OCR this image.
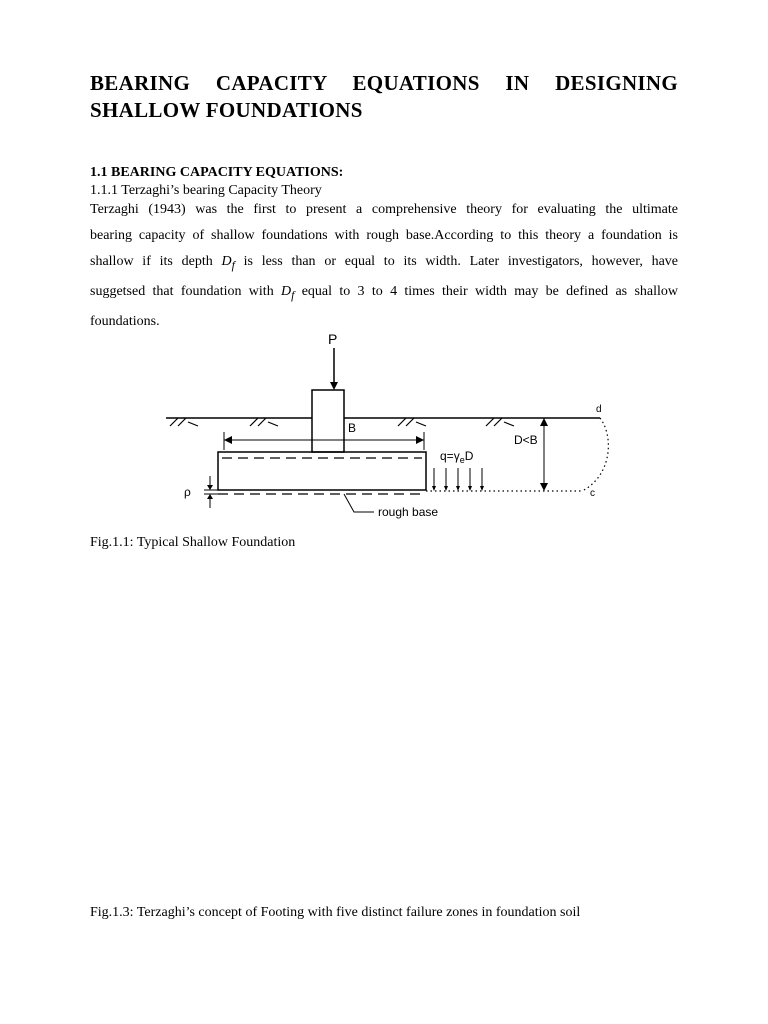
BEARING CAPACITY EQUATIONS IN DESIGNING
SHALLOW FOUNDATIONS
1.1 BEARING CAPACITY EQUATIONS:
1.1.1 Terzaghi’s bearing Capacity Theory

Terzaghi (1943) was the first to present a comprehensive theory for evaluating the ultimate
bearing capacity of shallow foundations with rough base.According to this theory a foundation is
shallow if its depth $D_f$ is less than or equal to its width. Later investigators, however, have
suggetsed that foundation with $D_f$ equal to 3 to 4 times their width may be defined as shallow
foundations.

P
B
$q=\gamma_eD$
D<B
d
c
ρ
rough base
Fig.1.1: Typical Shallow Foundation
Fig.1.3: Terzaghi’s concept of Footing with five distinct failure zones in foundation soil
